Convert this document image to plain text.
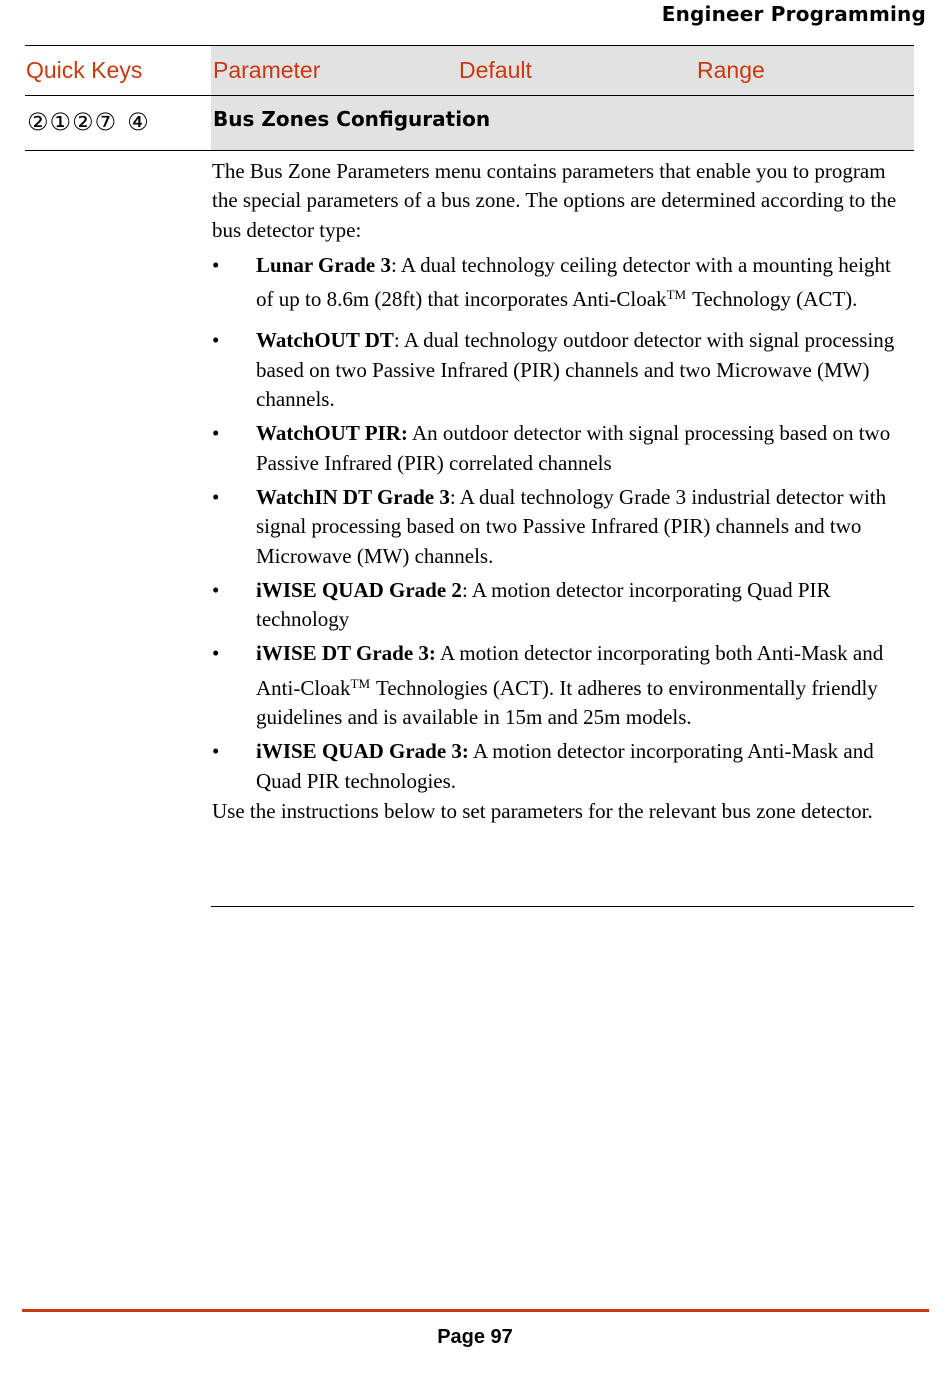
Engineer Programming
Quick Keys	Parameter	Default	Range
②①②⑦ ④	Bus Zones Configuration

The Bus Zone Parameters menu contains parameters that enable you to program the special parameters of a bus zone. The options are determined according to the bus detector type:

•	Lunar Grade 3: A dual technology ceiling detector with a mounting height of up to 8.6m (28ft) that incorporates Anti-Cloak™ Technology (ACT).
•	WatchOUT DT: A dual technology outdoor detector with signal processing based on two Passive Infrared (PIR) channels and two Microwave (MW) channels.
•	WatchOUT PIR: An outdoor detector with signal processing based on two Passive Infrared (PIR) correlated channels
•	WatchIN DT Grade 3: A dual technology Grade 3 industrial detector with signal processing based on two Passive Infrared (PIR) channels and two Microwave (MW) channels.
•	iWISE QUAD Grade 2: A motion detector incorporating Quad PIR technology
•	iWISE DT Grade 3: A motion detector incorporating both Anti-Mask and Anti-Cloak™ Technologies (ACT). It adheres to environmentally friendly guidelines and is available in 15m and 25m models.
•	iWISE QUAD Grade 3: A motion detector incorporating Anti-Mask and Quad PIR technologies.

Use the instructions below to set parameters for the relevant bus zone detector.

Page 97
